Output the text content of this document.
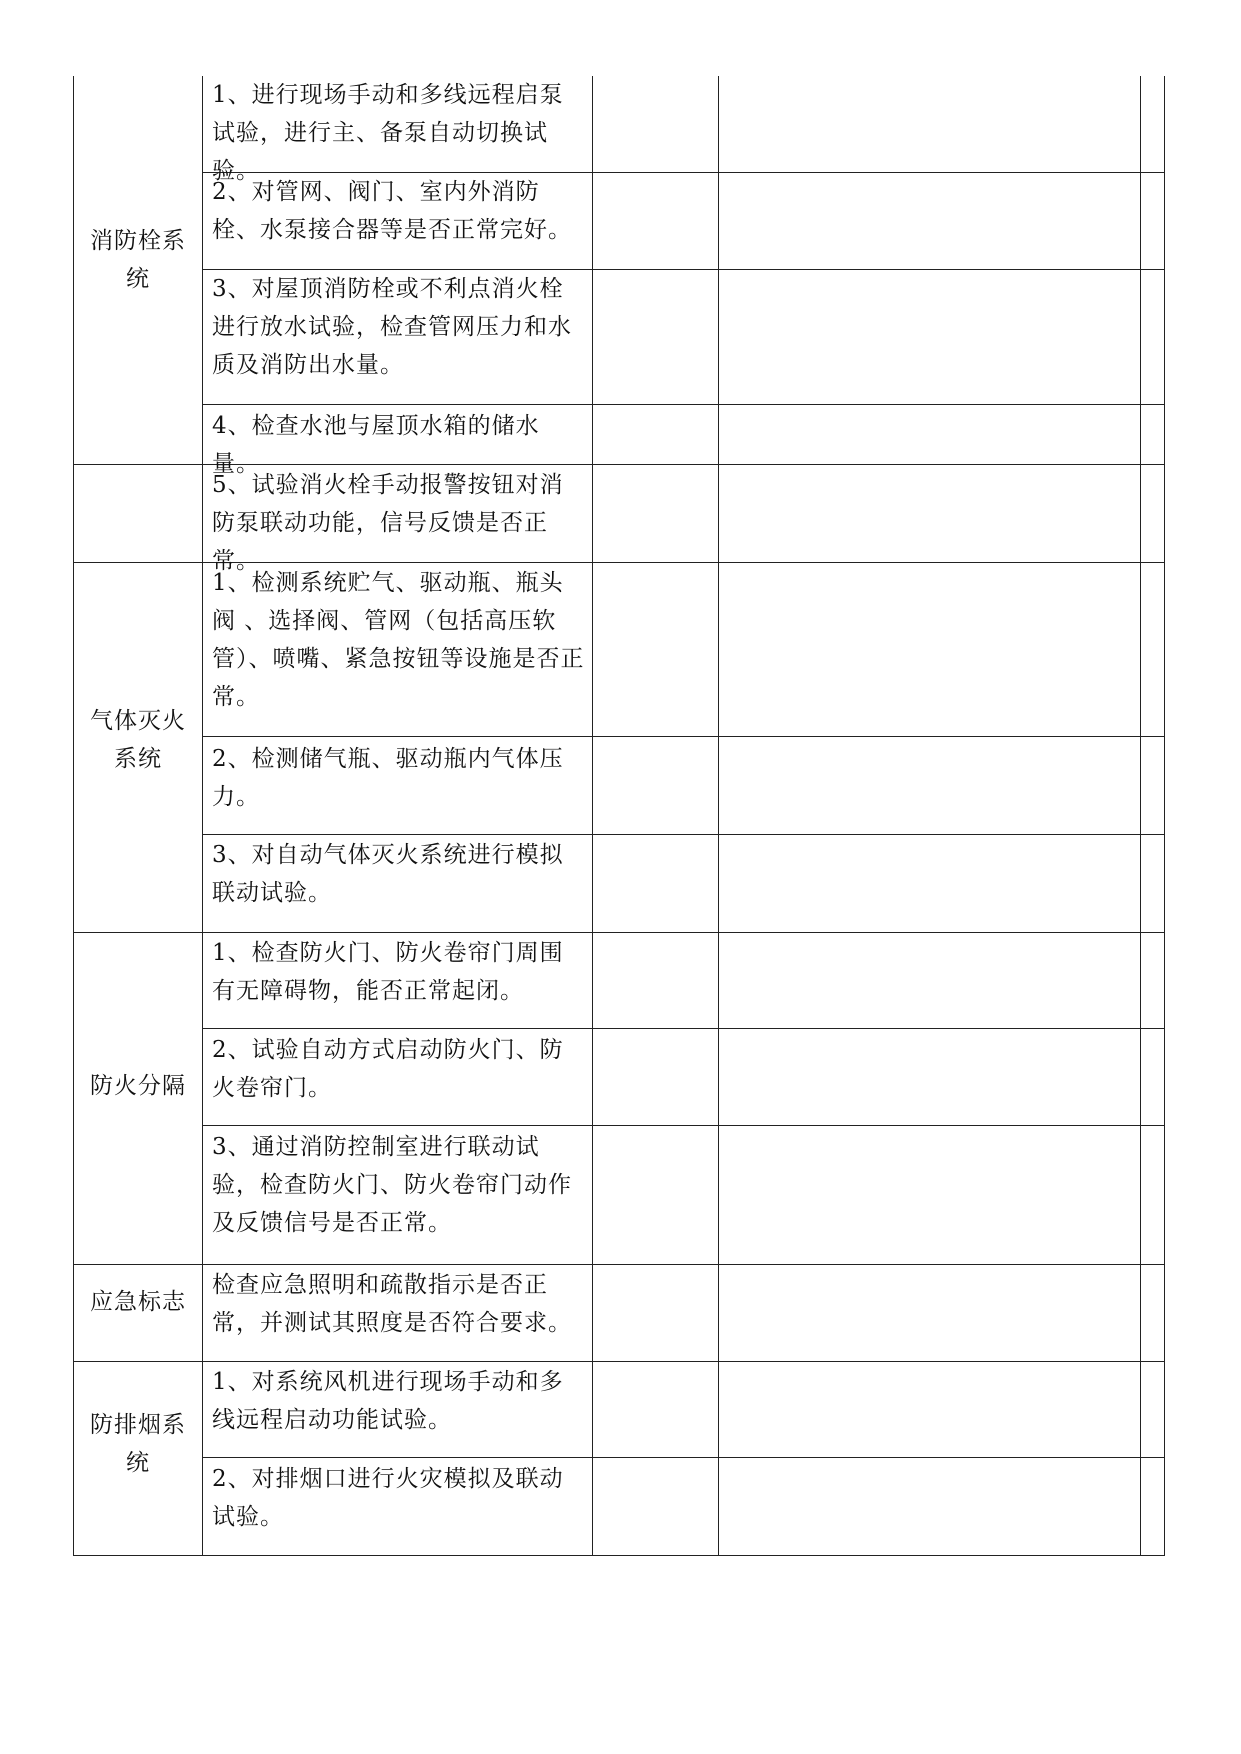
消防栓系统
气体灭火系统
防火分隔
应急标志
防排烟系统
1、进行现场手动和多线远程启泵试验，进行主、备泵自动切换试验。
2、对管网、阀门、室内外消防栓、水泵接合器等是否正常完好。
3、对屋顶消防栓或不利点消火栓进行放水试验，检查管网压力和水质及消防出水量。
4、检查水池与屋顶水箱的储水量。
5、试验消火栓手动报警按钮对消防泵联动功能，信号反馈是否正常。
1、检测系统贮气、驱动瓶、瓶头阀 、选择阀、管网（包括高压软管）、喷嘴、紧急按钮等设施是否正常。
2、检测储气瓶、驱动瓶内气体压力。
3、对自动气体灭火系统进行模拟联动试验。
1、检查防火门、防火卷帘门周围有无障碍物，能否正常起闭。
2、试验自动方式启动防火门、防火卷帘门。
3、通过消防控制室进行联动试验，检查防火门、防火卷帘门动作及反馈信号是否正常。
检查应急照明和疏散指示是否正常，并测试其照度是否符合要求。
1、对系统风机进行现场手动和多线远程启动功能试验。
2、对排烟口进行火灾模拟及联动试验。
